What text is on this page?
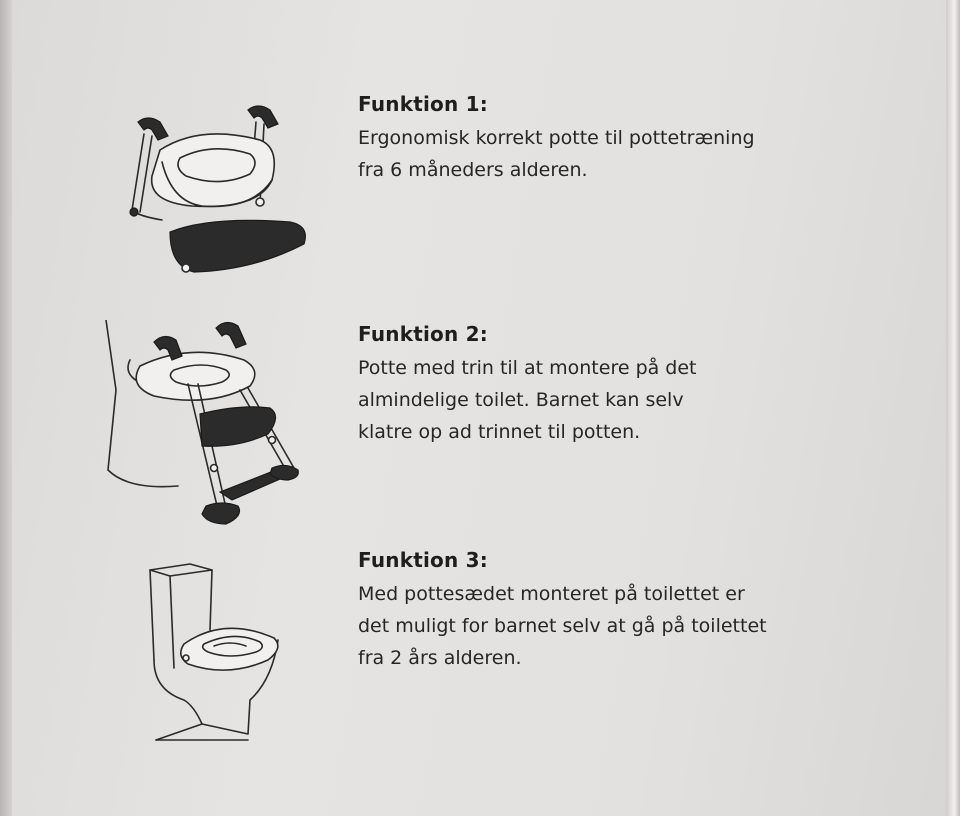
Funktion 1:

Ergonomisk korrekt potte til pottetræning
fra 6 måneders alderen.

Funktion 2:

Potte med trin til at montere på det
almindelige toilet. Barnet kan selv
klatre op ad trinnet til potten.

Funktion 3:

Med pottesædet monteret på toilettet er
det muligt for barnet selv at gå på toilettet
fra 2 års alderen.
